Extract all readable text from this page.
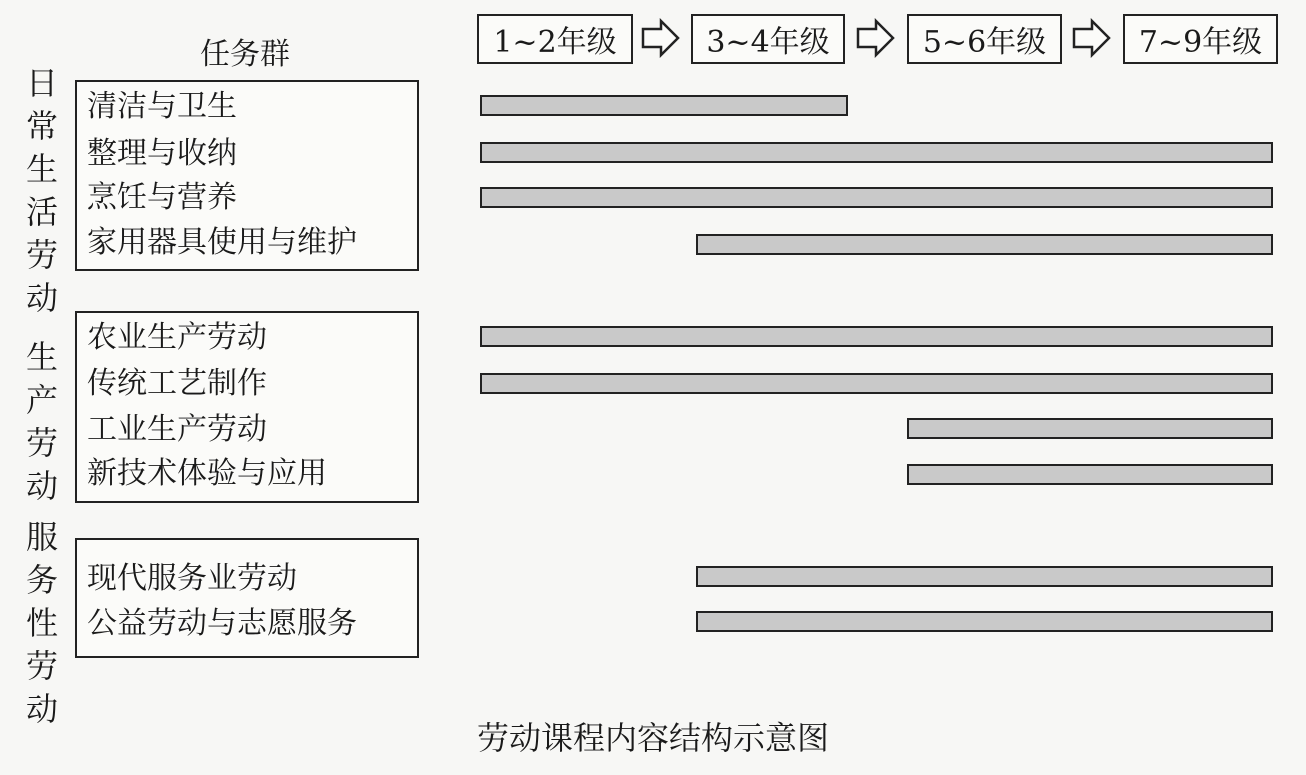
任务群	1~2年级	3~4年级	5~6年级	7~9年级
日
常
生
活
劳
动
清洁与卫生
整理与收纳
烹饪与营养
家用器具使用与维护
生
产
劳
动
农业生产劳动
传统工艺制作
工业生产劳动
新技术体验与应用
服
务
性
劳
动
现代服务业劳动
公益劳动与志愿服务
劳动课程内容结构示意图
